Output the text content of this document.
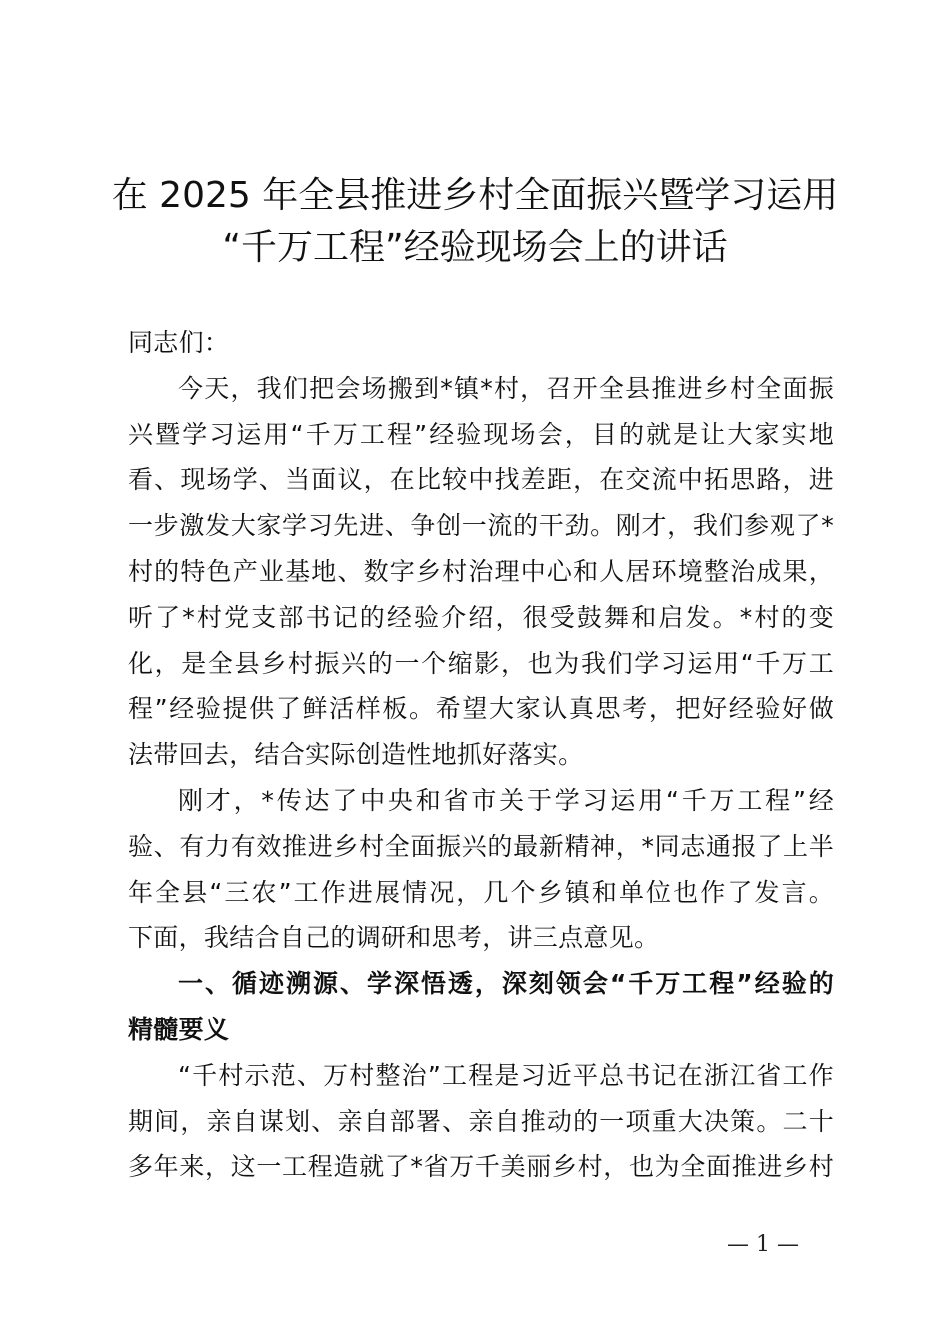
在 2025 年全县推进乡村全面振兴暨学习运用
“千万工程”经验现场会上的讲话
同志们：
今天，我们把会场搬到*镇*村，召开全县推进乡村全面振
兴暨学习运用“千万工程”经验现场会，目的就是让大家实地
看、现场学、当面议，在比较中找差距，在交流中拓思路，进
一步激发大家学习先进、争创一流的干劲。刚才，我们参观了*
村的特色产业基地、数字乡村治理中心和人居环境整治成果，
听了*村党支部书记的经验介绍，很受鼓舞和启发。*村的变
化，是全县乡村振兴的一个缩影，也为我们学习运用“千万工
程”经验提供了鲜活样板。希望大家认真思考，把好经验好做
法带回去，结合实际创造性地抓好落实。
刚才，*传达了中央和省市关于学习运用“千万工程”经
验、有力有效推进乡村全面振兴的最新精神，*同志通报了上半
年全县“三农”工作进展情况，几个乡镇和单位也作了发言。
下面，我结合自己的调研和思考，讲三点意见。
一、循迹溯源、学深悟透，深刻领会“千万工程”经验的
精髓要义
“千村示范、万村整治”工程是习近平总书记在浙江省工作
期间，亲自谋划、亲自部署、亲自推动的一项重大决策。二十
多年来，这一工程造就了*省万千美丽乡村，也为全面推进乡村
— 1 —
